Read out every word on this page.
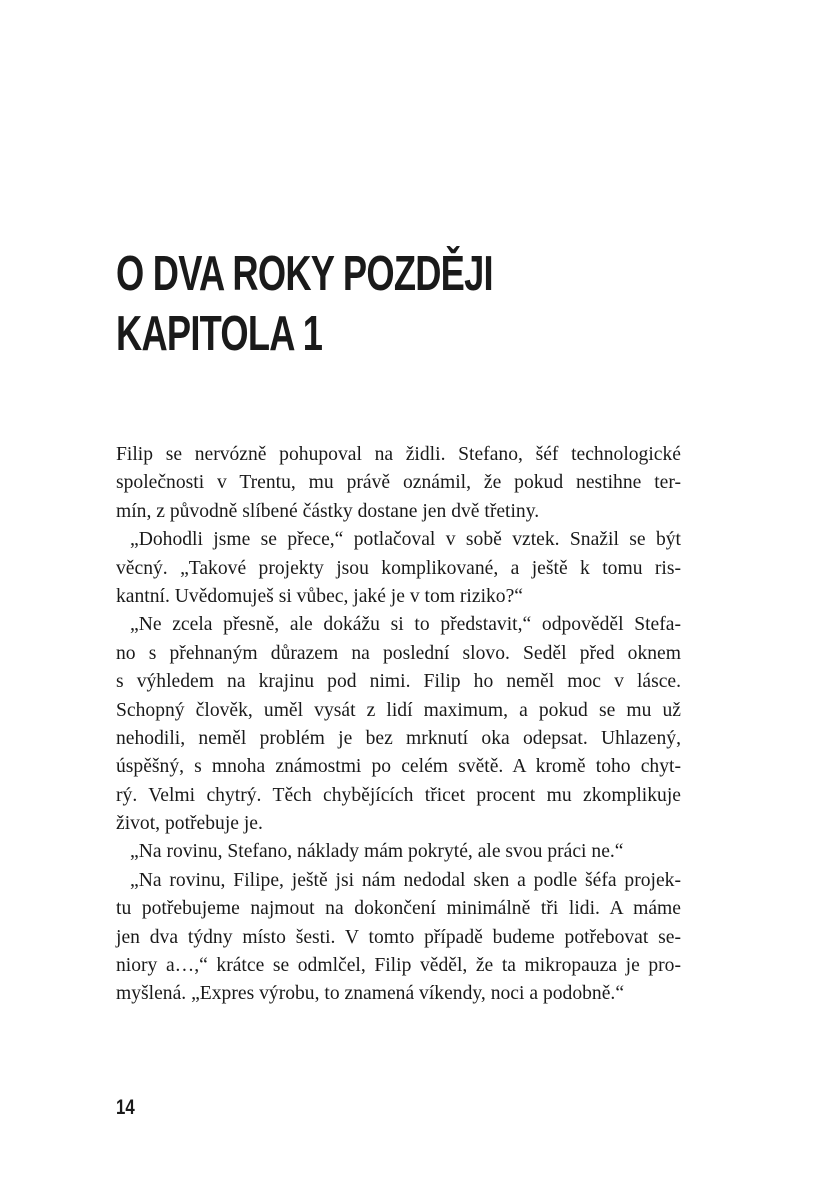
O DVA ROKY POZDĚJI
KAPITOLA 1
Filip se nervózně pohupoval na židli. Stefano, šéf technologické
společnosti v Trentu, mu právě oznámil, že pokud nestihne ter-
mín, z původně slíbené částky dostane jen dvě třetiny.
„Dohodli jsme se přece,“ potlačoval v sobě vztek. Snažil se být
věcný. „Takové projekty jsou komplikované, a ještě k tomu ris-
kantní. Uvědomuješ si vůbec, jaké je v tom riziko?“
„Ne zcela přesně, ale dokážu si to představit,“ odpověděl Stefa-
no s přehnaným důrazem na poslední slovo. Seděl před oknem
s výhledem na krajinu pod nimi. Filip ho neměl moc v lásce.
Schopný člověk, uměl vysát z lidí maximum, a pokud se mu už
nehodili, neměl problém je bez mrknutí oka odepsat. Uhlazený,
úspěšný, s mnoha známostmi po celém světě. A kromě toho chyt-
rý. Velmi chytrý. Těch chybějících třicet procent mu zkomplikuje
život, potřebuje je.
„Na rovinu, Stefano, náklady mám pokryté, ale svou práci ne.“
„Na rovinu, Filipe, ještě jsi nám nedodal sken a podle šéfa projek-
tu potřebujeme najmout na dokončení minimálně tři lidi. A máme
jen dva týdny místo šesti. V tomto případě budeme potřebovat se-
niory a…,“ krátce se odmlčel, Filip věděl, že ta mikropauza je pro-
myšlená. „Expres výrobu, to znamená víkendy, noci a podobně.“
14
